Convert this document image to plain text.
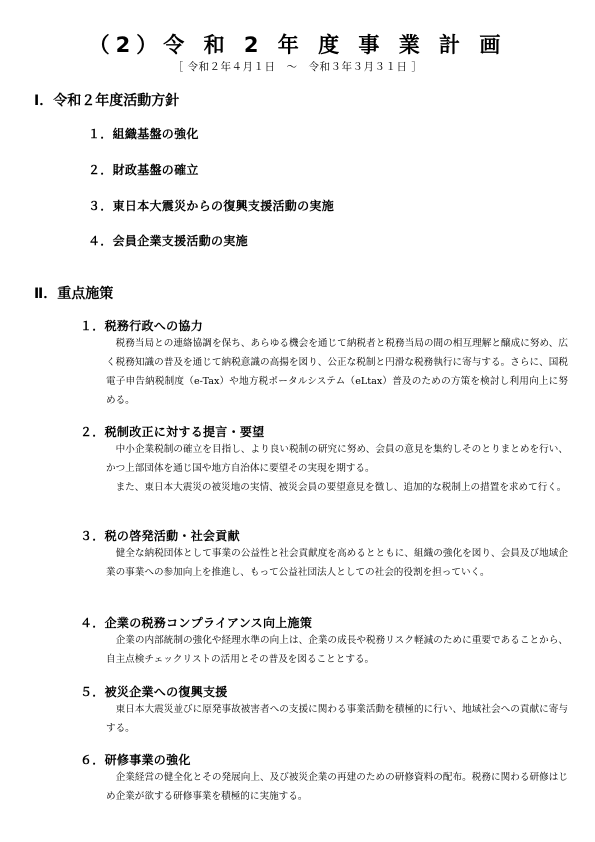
（2）令 和 2 年 度 事 業 計 画
［ 令和２年４月１日　～　令和３年３月３１日 ］
Ⅰ．令和２年度活動方針
１．組織基盤の強化
２．財政基盤の確立
３．東日本大震災からの復興支援活動の実施
４．会員企業支援活動の実施
Ⅱ．重点施策
１．税務行政への協力

税務当局との連絡協調を保ち、あらゆる機会を通じて納税者と税務当局の間の相互理解と醸成に努め、広く税務知識の普及を通じて納税意識の高揚を図り、公正な税制と円滑な税務執行に寄与する。さらに、国税電子申告納税制度（e-Tax）や地方税ポータルシステム（eLtax）普及のための方策を検討し利用向上に努める。

２．税制改正に対する提言・要望

中小企業税制の確立を目指し、より良い税制の研究に努め、会員の意見を集約しそのとりまとめを行い、かつ上部団体を通じ国や地方自治体に要望その実現を期する。

また、東日本大震災の被災地の実情、被災会員の要望意見を徴し、追加的な税制上の措置を求めて行く。

３．税の啓発活動・社会貢献

健全な納税団体として事業の公益性と社会貢献度を高めるとともに、組織の強化を図り、会員及び地域企業の事業への参加向上を推進し、もって公益社団法人としての社会的役割を担っていく。

４．企業の税務コンプライアンス向上施策

企業の内部統制の強化や経理水準の向上は、企業の成長や税務リスク軽減のために重要であることから、自主点検チェックリストの活用とその普及を図ることとする。

５．被災企業への復興支援

東日本大震災並びに原発事故被害者への支援に関わる事業活動を積極的に行い、地域社会への貢献に寄与する。

６．研修事業の強化

企業経営の健全化とその発展向上、及び被災企業の再建のための研修資料の配布。税務に関わる研修はじめ企業が欲する研修事業を積極的に実施する。
